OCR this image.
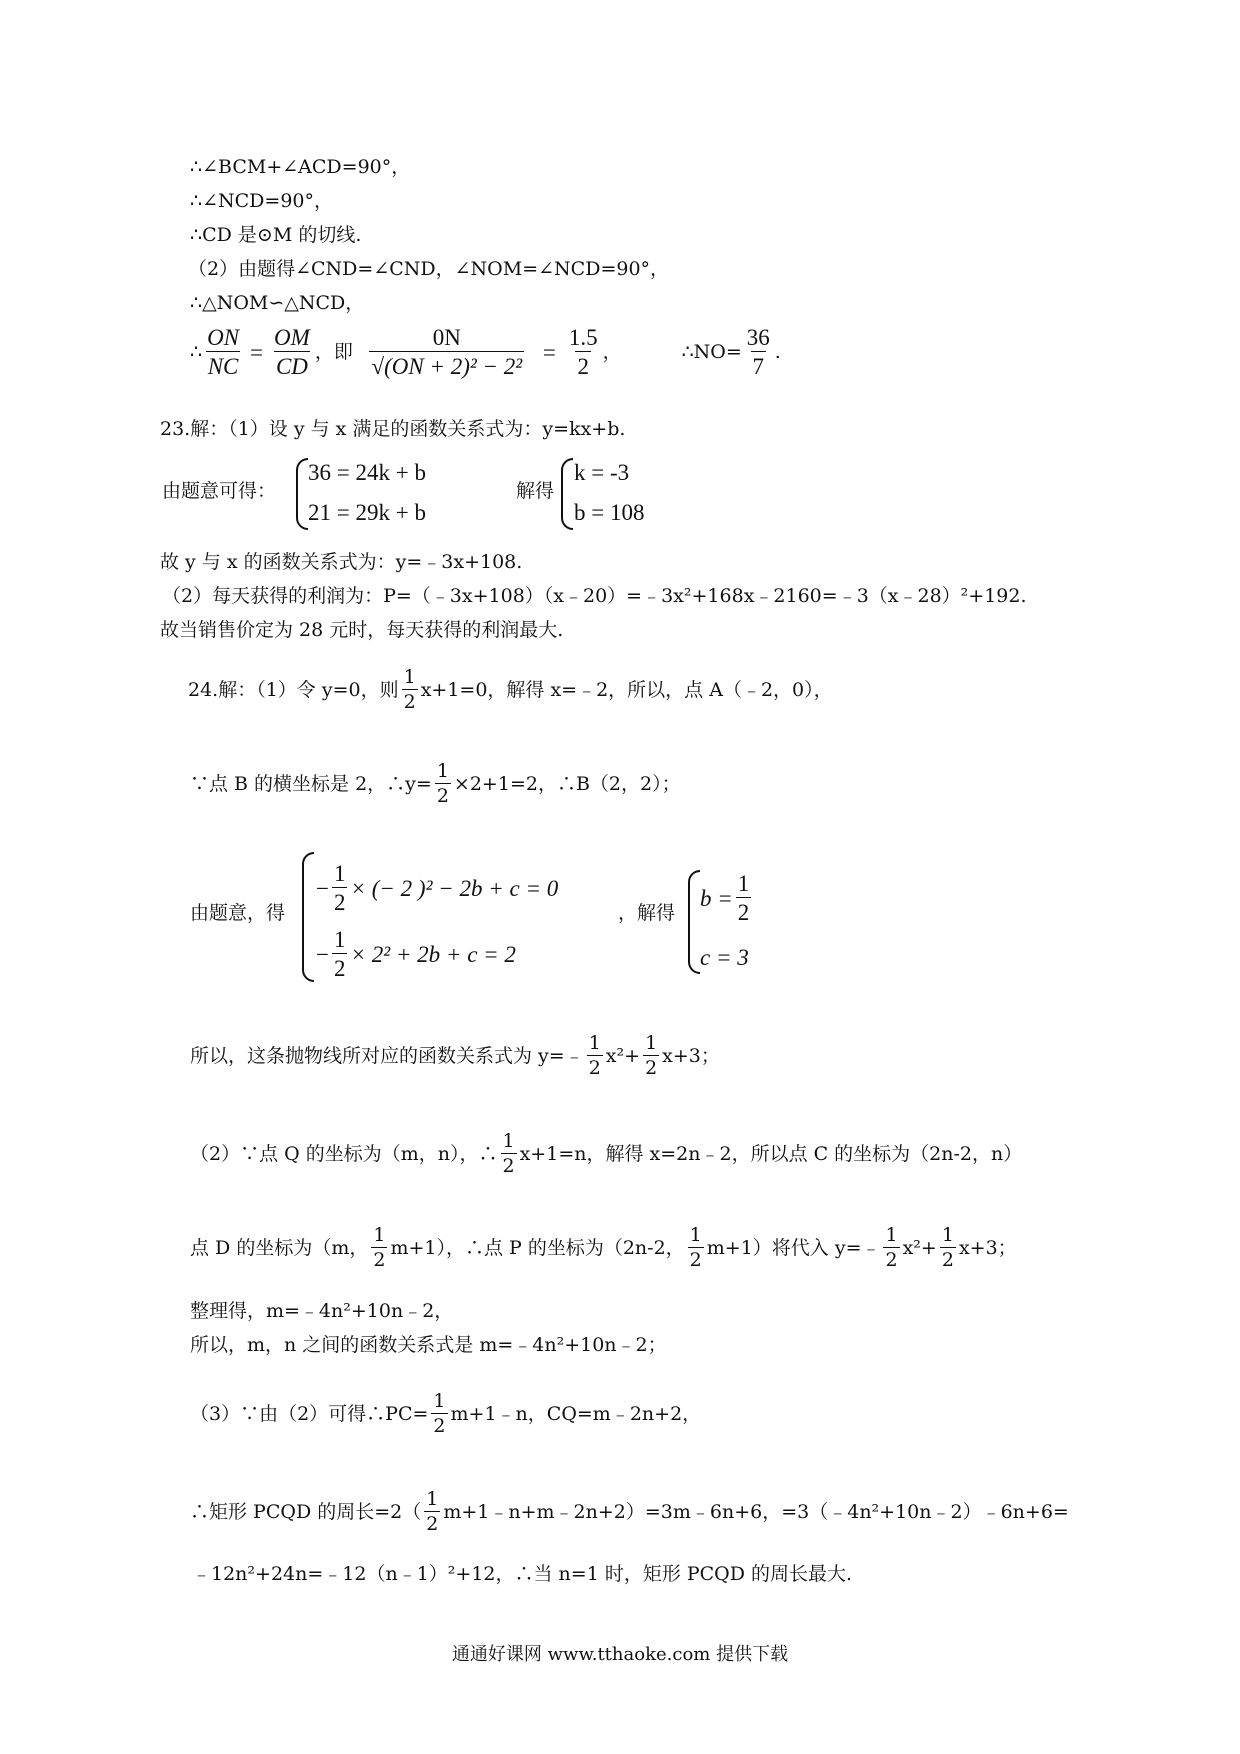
∴∠BCM+∠ACD=90°，
∴∠NCD=90°，
∴CD 是⊙M 的切线.
（2）由题得∠CND=∠CND，∠NOM=∠NCD=90°，
∴△NOM∽△NCD，
∴ $\frac{ON}{NC} = \frac{OM}{CD}$ ，即 $\frac{0N}{\text{√(ON + 2)² − 2²}} = \frac{1.5}{2}$ ，	∴NO= $\frac{36}{7}$ .
23.解：（1）设 y 与 x 满足的函数关系式为：y=kx+b.
由题意可得：
36 = 24k + b
21 = 29k + b
解得
k = -3
b = 108
故 y 与 x 的函数关系式为：y=﹣3x+108.
（2）每天获得的利润为：P=（﹣3x+108）（x﹣20）=﹣3x²+168x﹣2160=﹣3（x﹣28）²+192.
故当销售价定为 28 元时，每天获得的利润最大.
24.解：（1）令 y=0，则 $\frac{1}{2} x+1=0$，解得 x=﹣2，所以，点 A（﹣2，0），
∵点 B 的横坐标是 2，∴y= $\frac{1}{2} \times 2+1=2$，∴B（2，2）；
由题意，得
− $\frac{1}{2}$ × (− 2 )² − 2b + c = 0
− $\frac{1}{2} \times 2^2 + 2b + c = 2$
，解得
$b = \frac{1}{2}$
c = 3
所以，这条抛物线所对应的函数关系式为 y=﹣ $\frac{1}{2} x^2+ \frac{1}{2} x+3$；
（2）∵点 Q 的坐标为（m，n），∴ $\frac{1}{2} x+1=n$，解得 x=2n﹣2，所以点 C 的坐标为（2n-2，n）
点 D 的坐标为（m， $\frac{1}{2} m+1$），∴点 P 的坐标为（2n-2， $\frac{1}{2} m+1$）将代入 y=﹣ $\frac{1}{2} x^2+ \frac{1}{2} x+3$；
整理得，m=﹣4n²+10n﹣2，
所以，m，n 之间的函数关系式是 m=﹣4n²+10n﹣2；
（3）∵由（2）可得∴PC= $\frac{1}{2}$ m+1﹣n，CQ=m﹣2n+2，
∴矩形 PCQD 的周长$=2( \frac{1}{2}$ m+1﹣n+m﹣2n+2）=3m﹣6n+6，=3（﹣4n²+10n﹣2）﹣6n+6=
﹣12n²+24n=﹣12（n﹣1）²+12，∴当 n=1 时，矩形 PCQD 的周长最大.
通通好课网 www.tthaoke.com 提供下载
